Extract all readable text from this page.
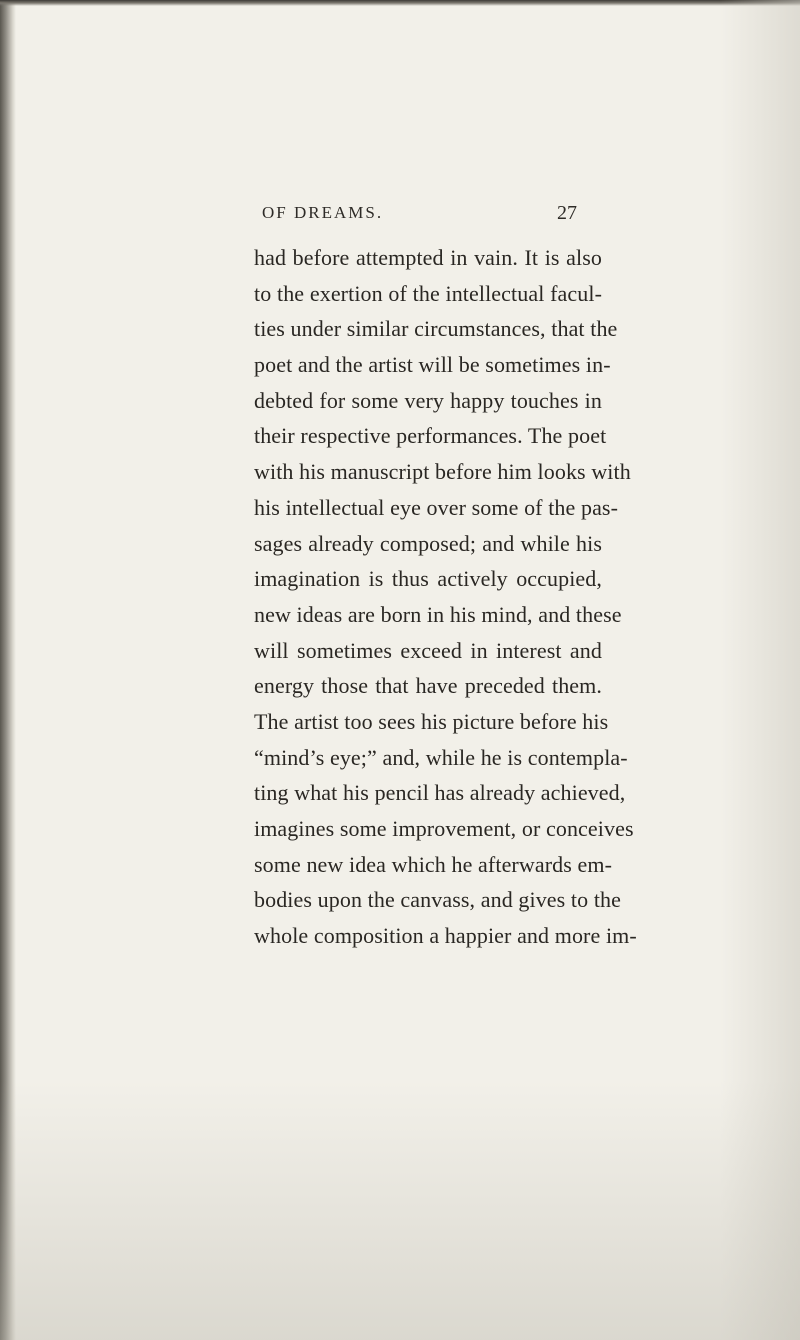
OF DREAMS.	27
had before attempted in vain. It is also
to the exertion of the intellectual facul-
ties under similar circumstances, that the
poet and the artist will be sometimes in-
debted for some very happy touches in
their respective performances. The poet
with his manuscript before him looks with
his intellectual eye over some of the pas-
sages already composed; and while his
imagination is thus actively occupied,
new ideas are born in his mind, and these
will sometimes exceed in interest and
energy those that have preceded them.
The artist too sees his picture before his
“mind’s eye;” and, while he is contempla-
ting what his pencil has already achieved,
imagines some improvement, or conceives
some new idea which he afterwards em-
bodies upon the canvass, and gives to the
whole composition a happier and more im-
